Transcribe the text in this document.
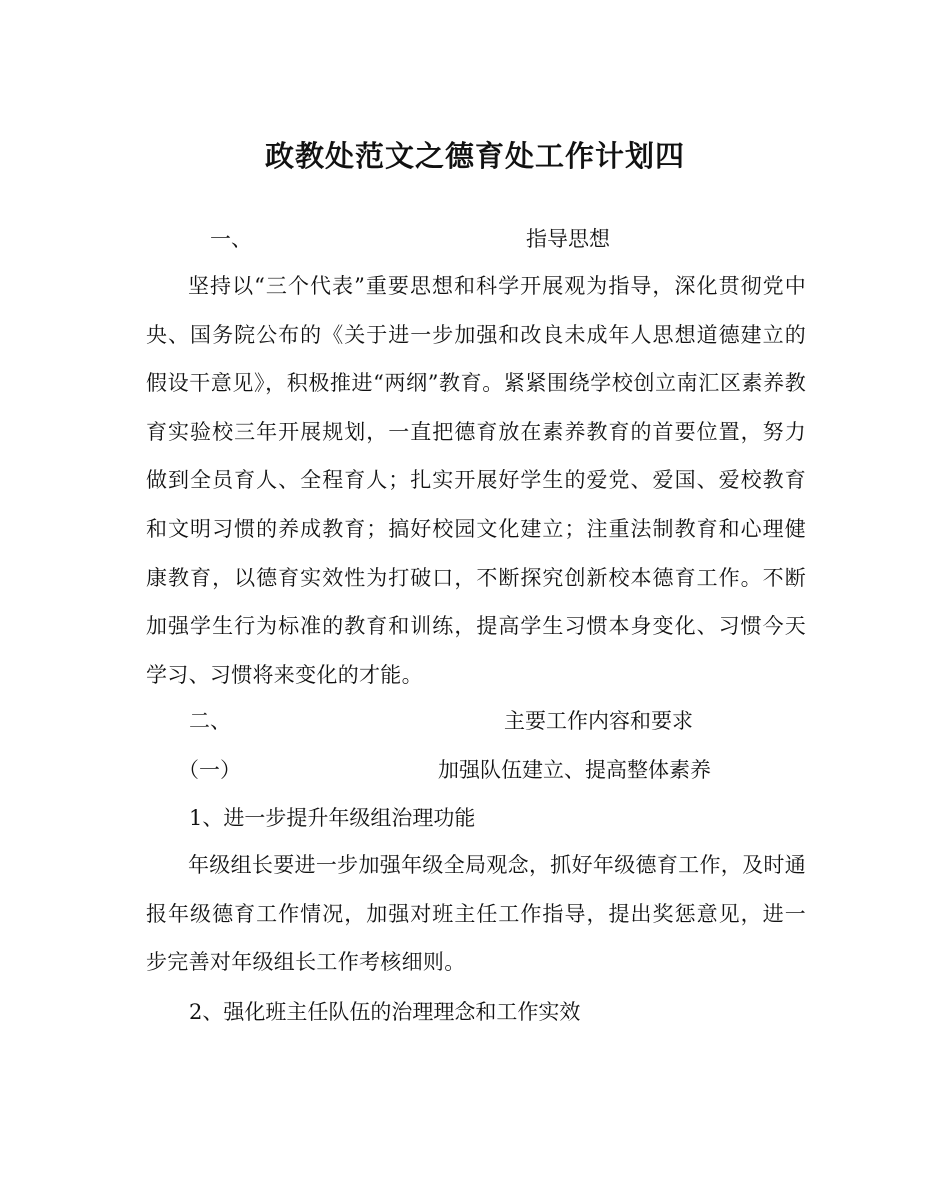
政教处范文之德育处工作计划四
一、	指导思想
坚持以“三个代表”重要思想和科学开展观为指导，深化贯彻党中央、国务院公布的《关于进一步加强和改良未成年人思想道德建立的假设干意见》，积极推进“两纲”教育。紧紧围绕学校创立南汇区素养教育实验校三年开展规划，一直把德育放在素养教育的首要位置，努力做到全员育人、全程育人；扎实开展好学生的爱党、爱国、爱校教育和文明习惯的养成教育；搞好校园文化建立；注重法制教育和心理健康教育，以德育实效性为打破口，不断探究创新校本德育工作。不断加强学生行为标准的教育和训练，提高学生习惯本身变化、习惯今天学习、习惯将来变化的才能。
二、	主要工作内容和要求
（一）	加强队伍建立、提高整体素养
1、进一步提升年级组治理功能
年级组长要进一步加强年级全局观念，抓好年级德育工作，及时通报年级德育工作情况，加强对班主任工作指导，提出奖惩意见，进一步完善对年级组长工作考核细则。
2、强化班主任队伍的治理理念和工作实效
